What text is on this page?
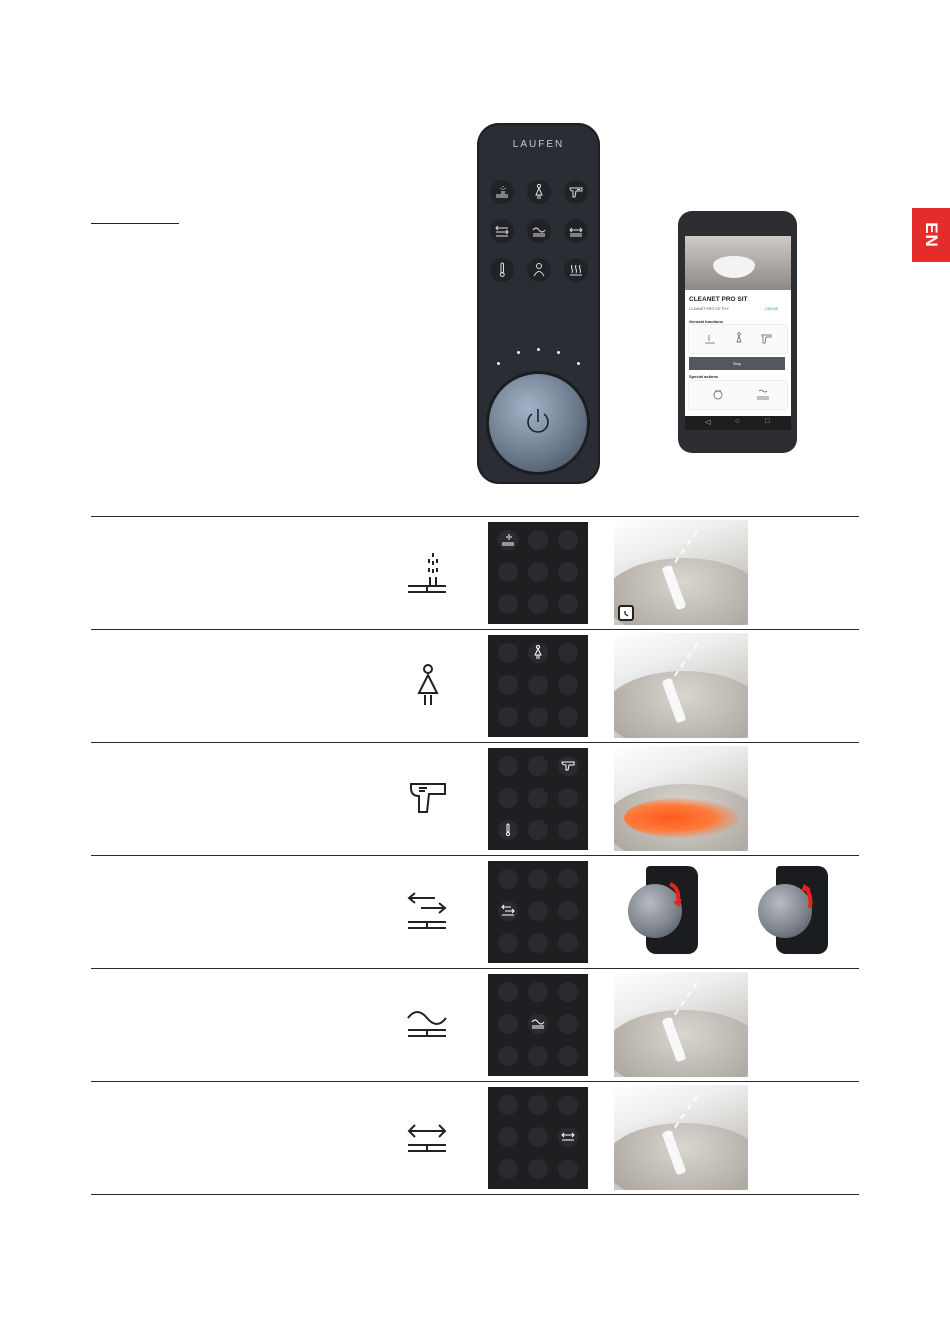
EN
LAUFEN
CLEANET PRO SIT
CLEANET PRO SIT PXY	ONLINE
General functions
Stop
Special actions
◁	○	□
